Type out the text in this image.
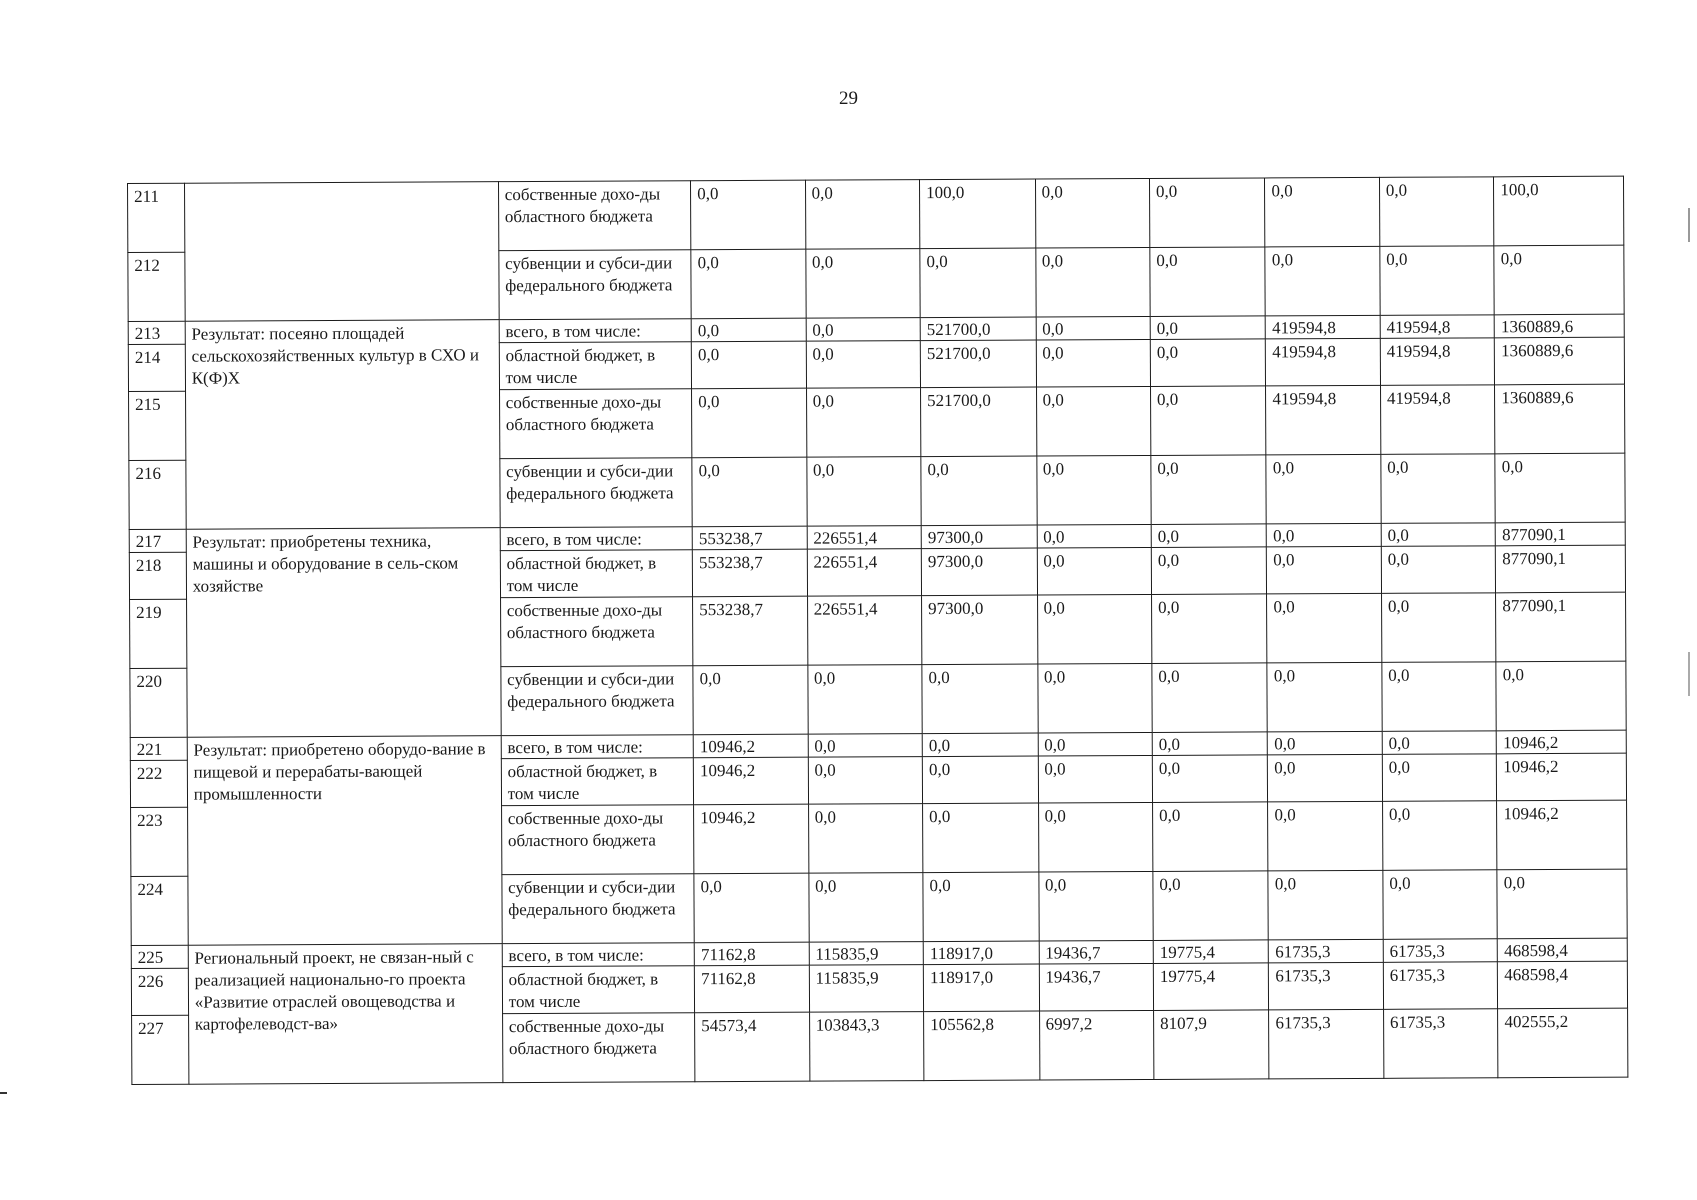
29
211		собственные дохо-ды областного бюджета	0,0	0,0	100,0	0,0	0,0	0,0	0,0	100,0
212		субвенции и субси-дии федерального бюджета	0,0	0,0	0,0	0,0	0,0	0,0	0,0	0,0
213	Результат: посеяно площадей сельскохозяйственных культур в СХО и К(Ф)Х	всего, в том числе:	0,0	0,0	521700,0	0,0	0,0	419594,8	419594,8	1360889,6
214		областной бюджет, в том числе	0,0	0,0	521700,0	0,0	0,0	419594,8	419594,8	1360889,6
215		собственные дохо-ды областного бюджета	0,0	0,0	521700,0	0,0	0,0	419594,8	419594,8	1360889,6
216		субвенции и субси-дии федерального бюджета	0,0	0,0	0,0	0,0	0,0	0,0	0,0	0,0
217	Результат: приобретены техника, машины и оборудование в сель-ском хозяйстве	всего, в том числе:	553238,7	226551,4	97300,0	0,0	0,0	0,0	0,0	877090,1
218		областной бюджет, в том числе	553238,7	226551,4	97300,0	0,0	0,0	0,0	0,0	877090,1
219		собственные дохо-ды областного бюджета	553238,7	226551,4	97300,0	0,0	0,0	0,0	0,0	877090,1
220		субвенции и субси-дии федерального бюджета	0,0	0,0	0,0	0,0	0,0	0,0	0,0	0,0
221	Результат: приобретено оборудо-вание в пищевой и перерабаты-вающей промышленности	всего, в том числе:	10946,2	0,0	0,0	0,0	0,0	0,0	0,0	10946,2
222		областной бюджет, в том числе	10946,2	0,0	0,0	0,0	0,0	0,0	0,0	10946,2
223		собственные дохо-ды областного бюджета	10946,2	0,0	0,0	0,0	0,0	0,0	0,0	10946,2
224		субвенции и субси-дии федерального бюджета	0,0	0,0	0,0	0,0	0,0	0,0	0,0	0,0
225	Региональный проект, не связан-ный с реализацией национально-го проекта «Развитие отраслей овощеводства и картофелеводст-ва»	всего, в том числе:	71162,8	115835,9	118917,0	19436,7	19775,4	61735,3	61735,3	468598,4
226		областной бюджет, в том числе	71162,8	115835,9	118917,0	19436,7	19775,4	61735,3	61735,3	468598,4
227		собственные дохо-ды областного бюджета	54573,4	103843,3	105562,8	6997,2	8107,9	61735,3	61735,3	402555,2
